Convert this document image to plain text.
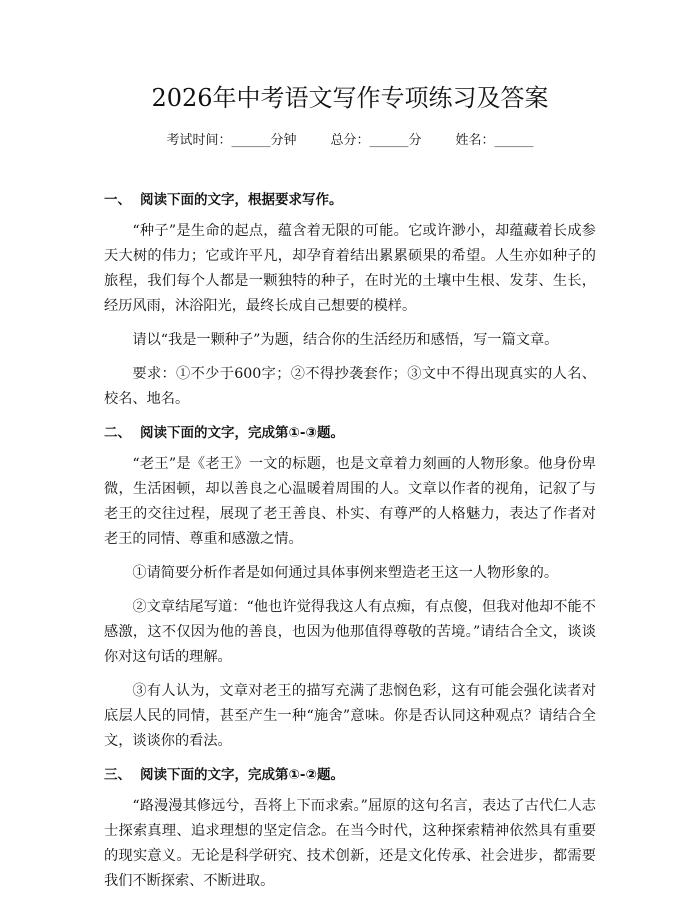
2026年中考语文写作专项练习及答案
考试时间：______分钟	总分：______分	姓名：______
一、 阅读下面的文字，根据要求写作。

“种子”是生命的起点，蕴含着无限的可能。它或许渺小，却蕴藏着长成参天大树的伟力；它或许平凡，却孕育着结出累累硕果的希望。人生亦如种子的旅程，我们每个人都是一颗独特的种子，在时光的土壤中生根、发芽、生长，经历风雨，沐浴阳光，最终长成自己想要的模样。

请以“我是一颗种子”为题，结合你的生活经历和感悟，写一篇文章。

要求：①不少于600字；②不得抄袭套作；③文中不得出现真实的人名、校名、地名。

二、 阅读下面的文字，完成第①-③题。

“老王”是《老王》一文的标题，也是文章着力刻画的人物形象。他身份卑微，生活困顿，却以善良之心温暖着周围的人。文章以作者的视角，记叙了与老王的交往过程，展现了老王善良、朴实、有尊严的人格魅力，表达了作者对老王的同情、尊重和感激之情。

①请简要分析作者是如何通过具体事例来塑造老王这一人物形象的。

②文章结尾写道：“他也许觉得我这人有点痴，有点傻，但我对他却不能不感激，这不仅因为他的善良，也因为他那值得尊敬的苦境。”请结合全文，谈谈你对这句话的理解。

③有人认为，文章对老王的描写充满了悲悯色彩，这有可能会强化读者对底层人民的同情，甚至产生一种“施舍”意味。你是否认同这种观点？请结合全文，谈谈你的看法。

三、 阅读下面的文字，完成第①-②题。

“路漫漫其修远兮，吾将上下而求索。”屈原的这句名言，表达了古代仁人志士探索真理、追求理想的坚定信念。在当今时代，这种探索精神依然具有重要的现实意义。无论是科学研究、技术创新，还是文化传承、社会进步，都需要我们不断探索、不断进取。
